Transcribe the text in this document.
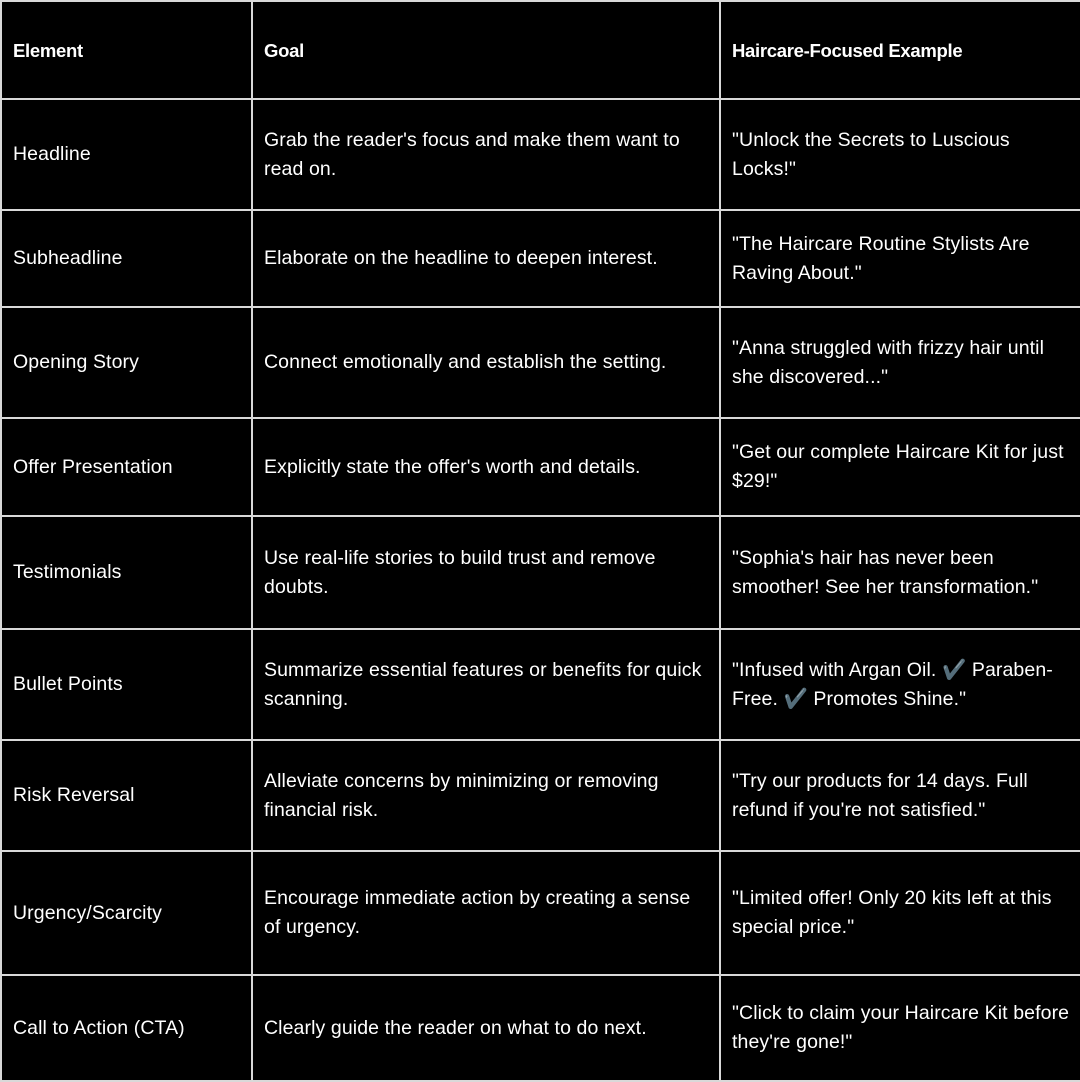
Element	Goal	Haircare-Focused Example
Headline	Grab the reader's focus and make them want to read on.	"Unlock the Secrets to Luscious Locks!"
Subheadline	Elaborate on the headline to deepen interest.	"The Haircare Routine Stylists Are Raving About."
Opening Story	Connect emotionally and establish the setting.	"Anna struggled with frizzy hair until she discovered..."
Offer Presentation	Explicitly state the offer's worth and details.	"Get our complete Haircare Kit for just $29!"
Testimonials	Use real-life stories to build trust and remove doubts.	"Sophia's hair has never been smoother! See her transformation."
Bullet Points	Summarize essential features or benefits for quick scanning.	"Infused with Argan Oil. ✔️ Paraben-Free. ✔️ Promotes Shine."
Risk Reversal	Alleviate concerns by minimizing or removing financial risk.	"Try our products for 14 days. Full refund if you're not satisfied."
Urgency/Scarcity	Encourage immediate action by creating a sense of urgency.	"Limited offer! Only 20 kits left at this special price."
Call to Action (CTA)	Clearly guide the reader on what to do next.	"Click to claim your Haircare Kit before they're gone!"
